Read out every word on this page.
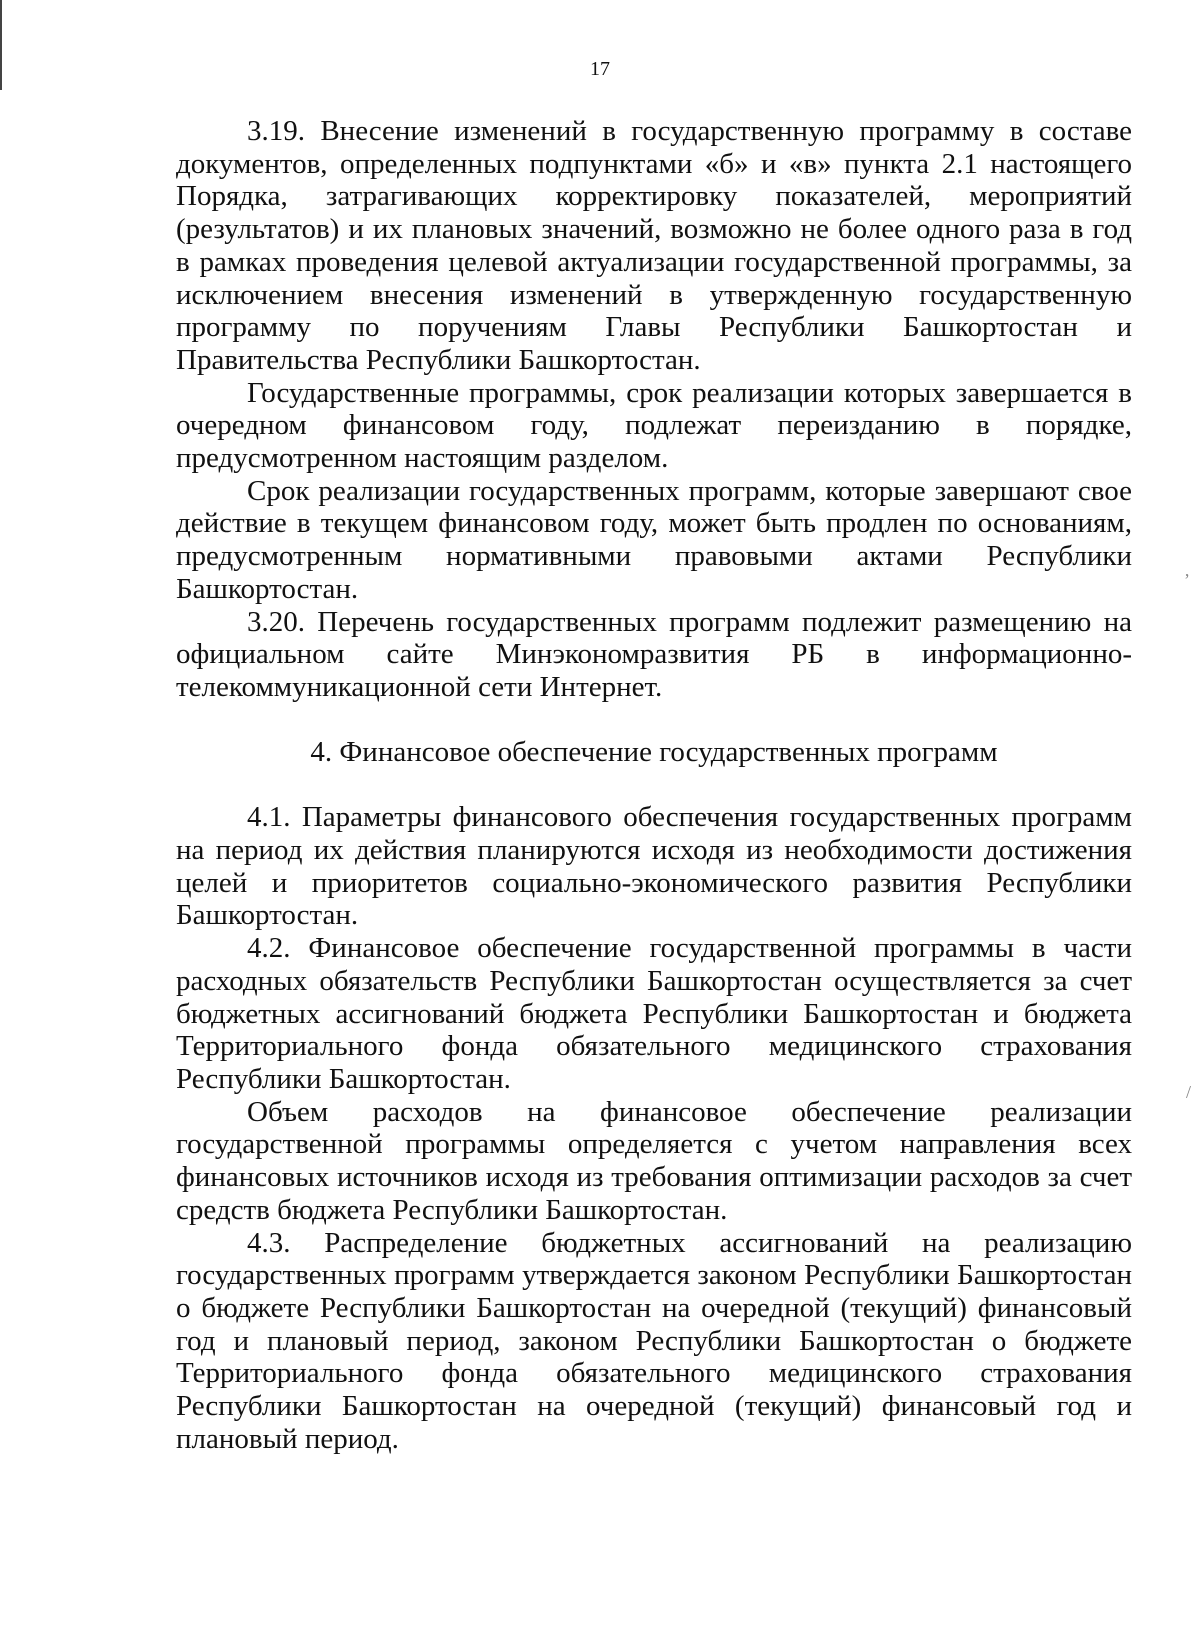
‚
/
17

3.19. Внесение изменений в государственную программу в составе документов, определенных подпунктами «б» и «в» пункта 2.1 настоящего Порядка, затрагивающих корректировку показателей, мероприятий (результатов) и их плановых значений, возможно не более одного раза в год в рамках проведения целевой актуализации государственной программы, за исключением внесения изменений в утвержденную государственную программу по поручениям Главы Республики Башкортостан и Правительства Республики Башкортостан.

Государственные программы, срок реализации которых завершается в очередном финансовом году, подлежат переизданию в порядке, предусмотренном настоящим разделом.

Срок реализации государственных программ, которые завершают свое действие в текущем финансовом году, может быть продлен по основаниям, предусмотренным нормативными правовыми актами Республики Башкортостан.

3.20. Перечень государственных программ подлежит размещению на официальном сайте Минэкономразвития РБ в информационно-телекоммуникационной сети Интернет.

4. Финансовое обеспечение государственных программ

4.1. Параметры финансового обеспечения государственных программ на период их действия планируются исходя из необходимости достижения целей и приоритетов социально-экономического развития Республики Башкортостан.

4.2. Финансовое обеспечение государственной программы в части расходных обязательств Республики Башкортостан осуществляется за счет бюджетных ассигнований бюджета Республики Башкортостан и бюджета Территориального фонда обязательного медицинского страхования Республики Башкортостан.

Объем расходов на финансовое обеспечение реализации государственной программы определяется с учетом направления всех финансовых источников исходя из требования оптимизации расходов за счет средств бюджета Республики Башкортостан.

4.3. Распределение бюджетных ассигнований на реализацию государственных программ утверждается законом Республики Башкортостан о бюджете Республики Башкортостан на очередной (текущий) финансовый год и плановый период, законом Республики Башкортостан о бюджете Территориального фонда обязательного медицинского страхования Республики Башкортостан на очередной (текущий) финансовый год и плановый период.
